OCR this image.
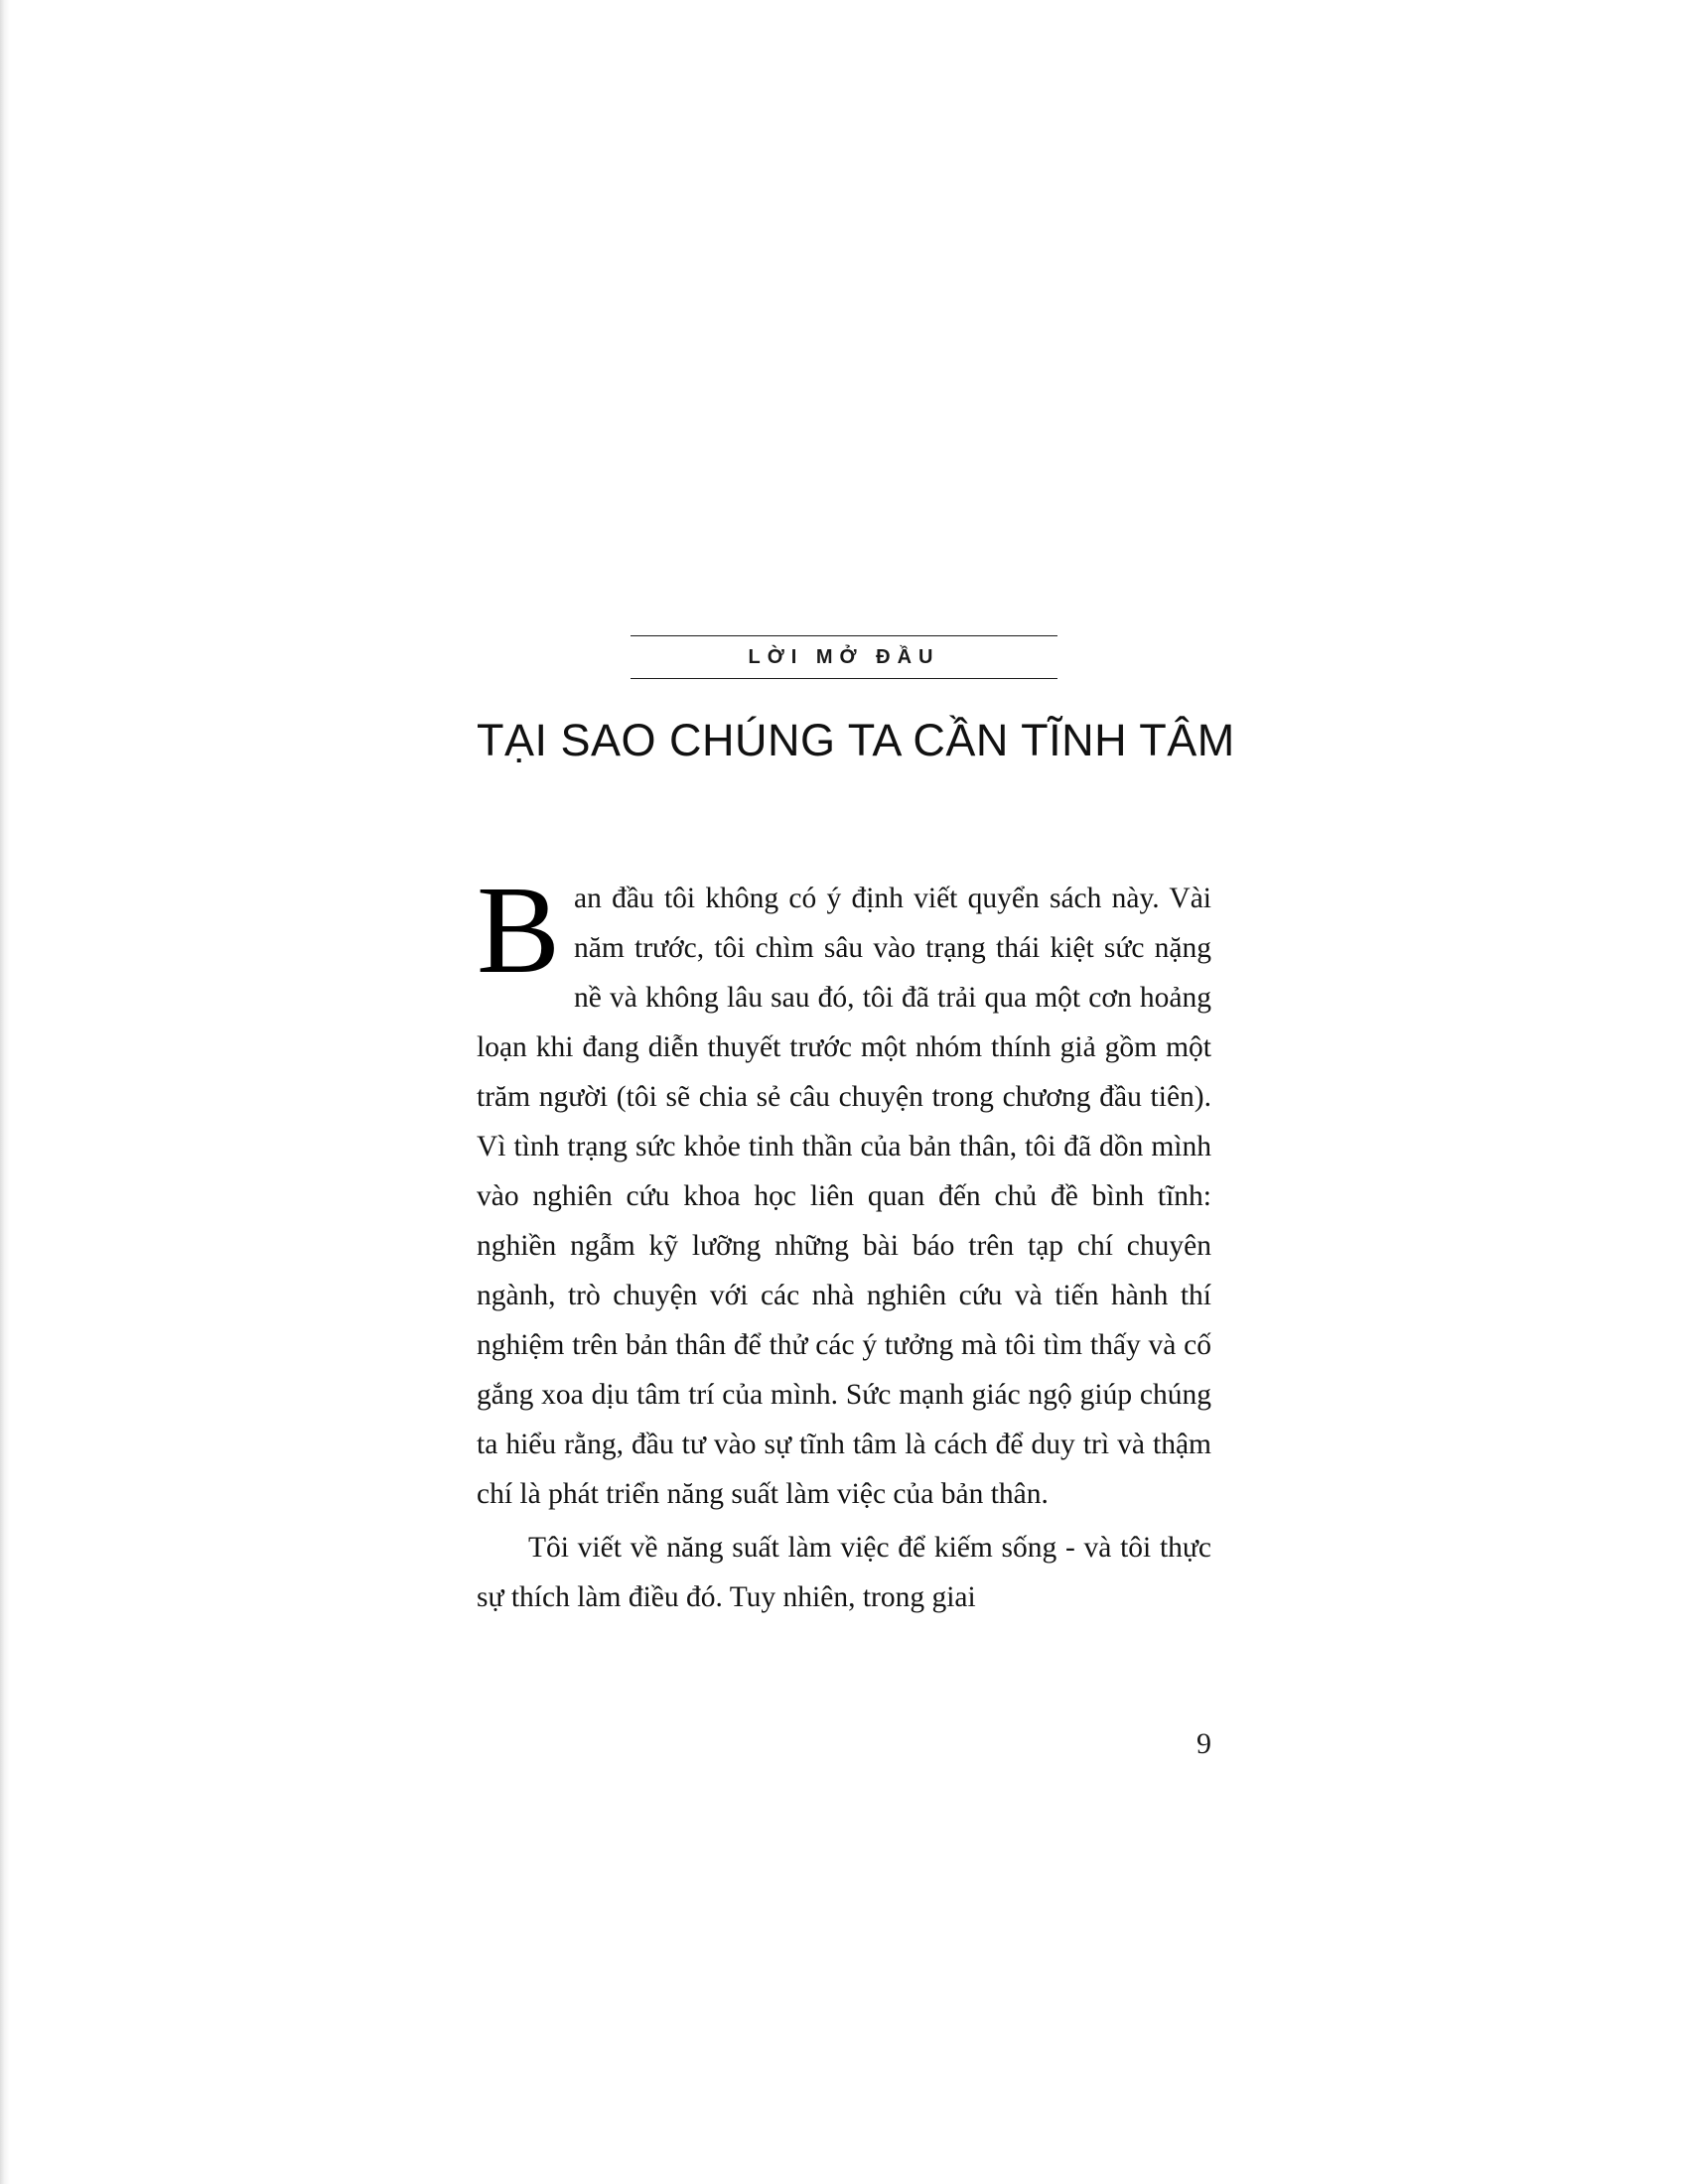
LỜI MỞ ĐẦU
TẠI SAO CHÚNG TA CẦN TĨNH TÂM

Ban đầu tôi không có ý định viết quyển sách này. Vài năm trước, tôi chìm sâu vào trạng thái kiệt sức nặng nề và không lâu sau đó, tôi đã trải qua một cơn hoảng loạn khi đang diễn thuyết trước một nhóm thính giả gồm một trăm người (tôi sẽ chia sẻ câu chuyện trong chương đầu tiên). Vì tình trạng sức khỏe tinh thần của bản thân, tôi đã dồn mình vào nghiên cứu khoa học liên quan đến chủ đề bình tĩnh: nghiền ngẫm kỹ lưỡng những bài báo trên tạp chí chuyên ngành, trò chuyện với các nhà nghiên cứu và tiến hành thí nghiệm trên bản thân để thử các ý tưởng mà tôi tìm thấy và cố gắng xoa dịu tâm trí của mình. Sức mạnh giác ngộ giúp chúng ta hiểu rằng, đầu tư vào sự tĩnh tâm là cách để duy trì và thậm chí là phát triển năng suất làm việc của bản thân.

Tôi viết về năng suất làm việc để kiếm sống - và tôi thực sự thích làm điều đó. Tuy nhiên, trong giai

9
